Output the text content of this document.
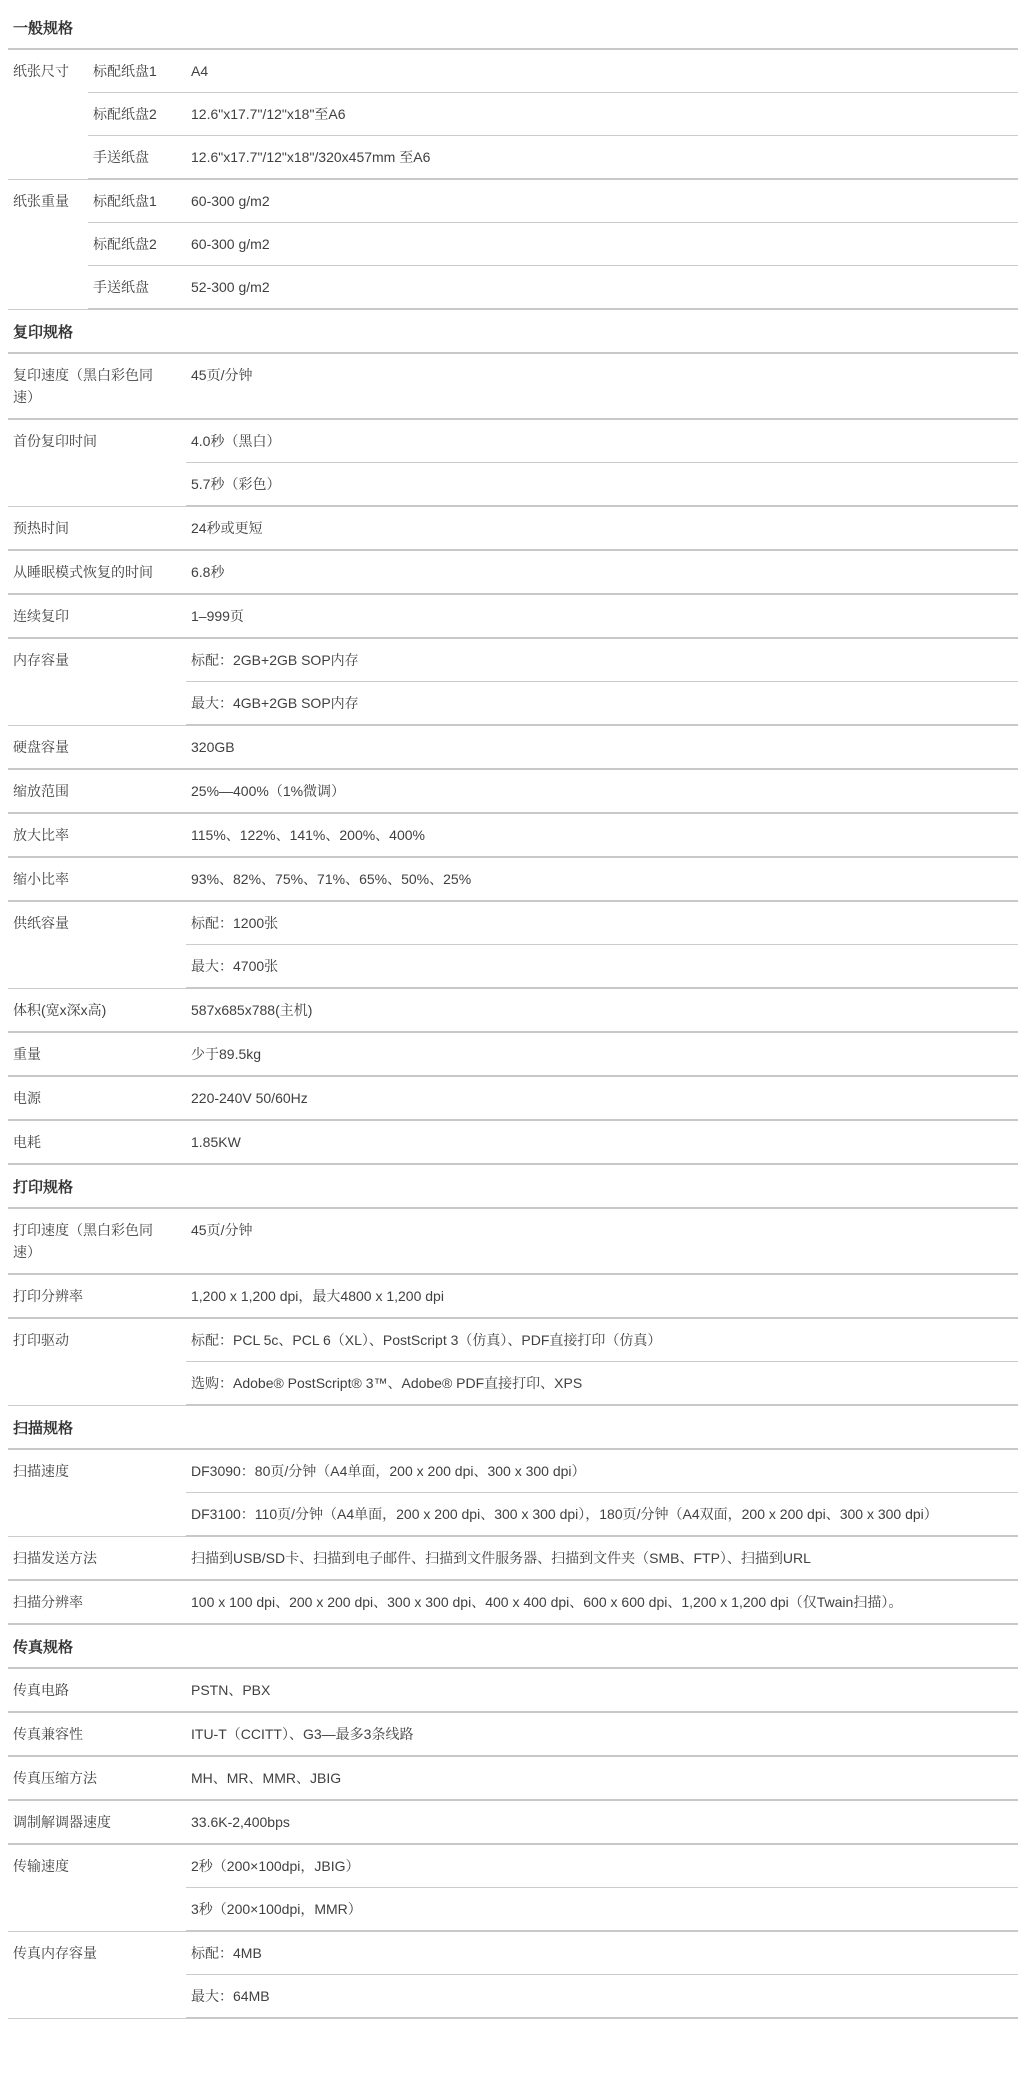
一般规格
纸张尺寸	标配纸盘1	A4
	标配纸盘2	12.6"x17.7"/12"x18"至A6
	手送纸盘	12.6"x17.7"/12"x18"/320x457mm 至A6
纸张重量	标配纸盘1	60-300 g/m2
	标配纸盘2	60-300 g/m2
	手送纸盘	52-300 g/m2
复印规格
复印速度（黑白彩色同速）	45页/分钟
首份复印时间	4.0秒（黑白）
	5.7秒（彩色）
预热时间	24秒或更短
从睡眠模式恢复的时间	6.8秒
连续复印	1–999页
内存容量	标配：2GB+2GB SOP内存
	最大：4GB+2GB SOP内存
硬盘容量	320GB
缩放范围	25%—400%（1%微调）
放大比率	115%、122%、141%、200%、400%
缩小比率	93%、82%、75%、71%、65%、50%、25%
供纸容量	标配：1200张
	最大：4700张
体积(宽x深x高)	587x685x788(主机)
重量	少于89.5kg
电源	220-240V 50/60Hz
电耗	1.85KW
打印规格
打印速度（黑白彩色同速）	45页/分钟
打印分辨率	1,200 x 1,200 dpi，最大4800 x 1,200 dpi
打印驱动	标配：PCL 5c、PCL 6（XL）、PostScript 3（仿真）、PDF直接打印（仿真）
	选购：Adobe® PostScript® 3™、Adobe® PDF直接打印、XPS
扫描规格
扫描速度	DF3090：80页/分钟（A4单面，200 x 200 dpi、300 x 300 dpi）
	DF3100：110页/分钟（A4单面，200 x 200 dpi、300 x 300 dpi），180页/分钟（A4双面，200 x 200 dpi、300 x 300 dpi）
扫描发送方法	扫描到USB/SD卡、扫描到电子邮件、扫描到文件服务器、扫描到文件夹（SMB、FTP）、扫描到URL
扫描分辨率	100 x 100 dpi、200 x 200 dpi、300 x 300 dpi、400 x 400 dpi、600 x 600 dpi、1,200 x 1,200 dpi（仅Twain扫描）。
传真规格
传真电路	PSTN、PBX
传真兼容性	ITU-T（CCITT）、G3—最多3条线路
传真压缩方法	MH、MR、MMR、JBIG
调制解调器速度	33.6K-2,400bps
传输速度	2秒（200×100dpi，JBIG）
	3秒（200×100dpi，MMR）
传真内存容量	标配：4MB
	最大：64MB
